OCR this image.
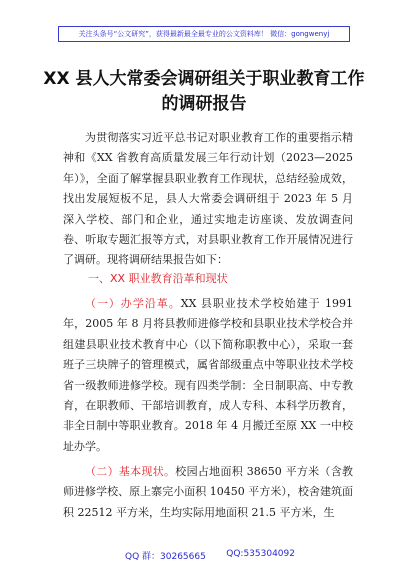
关注头条号“公文研究”，获得最新最全最专业的公文资料库！ 微信：gongwenyj
XX 县人大常委会调研组关于职业教育工作
的调研报告
为贯彻落实习近平总书记对职业教育工作的重要指示精神和《XX 省教育高质量发展三年行动计划（2023—2025 年）》，全面了解掌握县职业教育工作现状，总结经验成效，找出发展短板不足，县人大常委会调研组于 2023 年 5 月深入学校、部门和企业，通过实地走访座谈、发放调查问卷、听取专题汇报等方式，对县职业教育工作开展情况进行了调研。现将调研结果报告如下：
一、XX 职业教育沿革和现状
（一）办学沿革。XX 县职业技术学校始建于 1991 年，2005 年 8 月将县教师进修学校和县职业技术学校合并组建县职业技术教育中心（以下简称职教中心），采取一套班子三块牌子的管理模式，属省部级重点中等职业技术学校省一级教师进修学校。现有四类学制：全日制职高、中专教育，在职教师、干部培训教育，成人专科、本科学历教育，非全日制中等职业教育。2018 年 4 月搬迁至原 XX 一中校址办学。
（二）基本现状。校园占地面积 38650 平方米（含教师进修学校、原上寨完小面积 10450 平方米），校舍建筑面积 22512 平方米，生均实际用地面积 21.5 平方米，生
QQ 群：30265665 QQ:535304092
